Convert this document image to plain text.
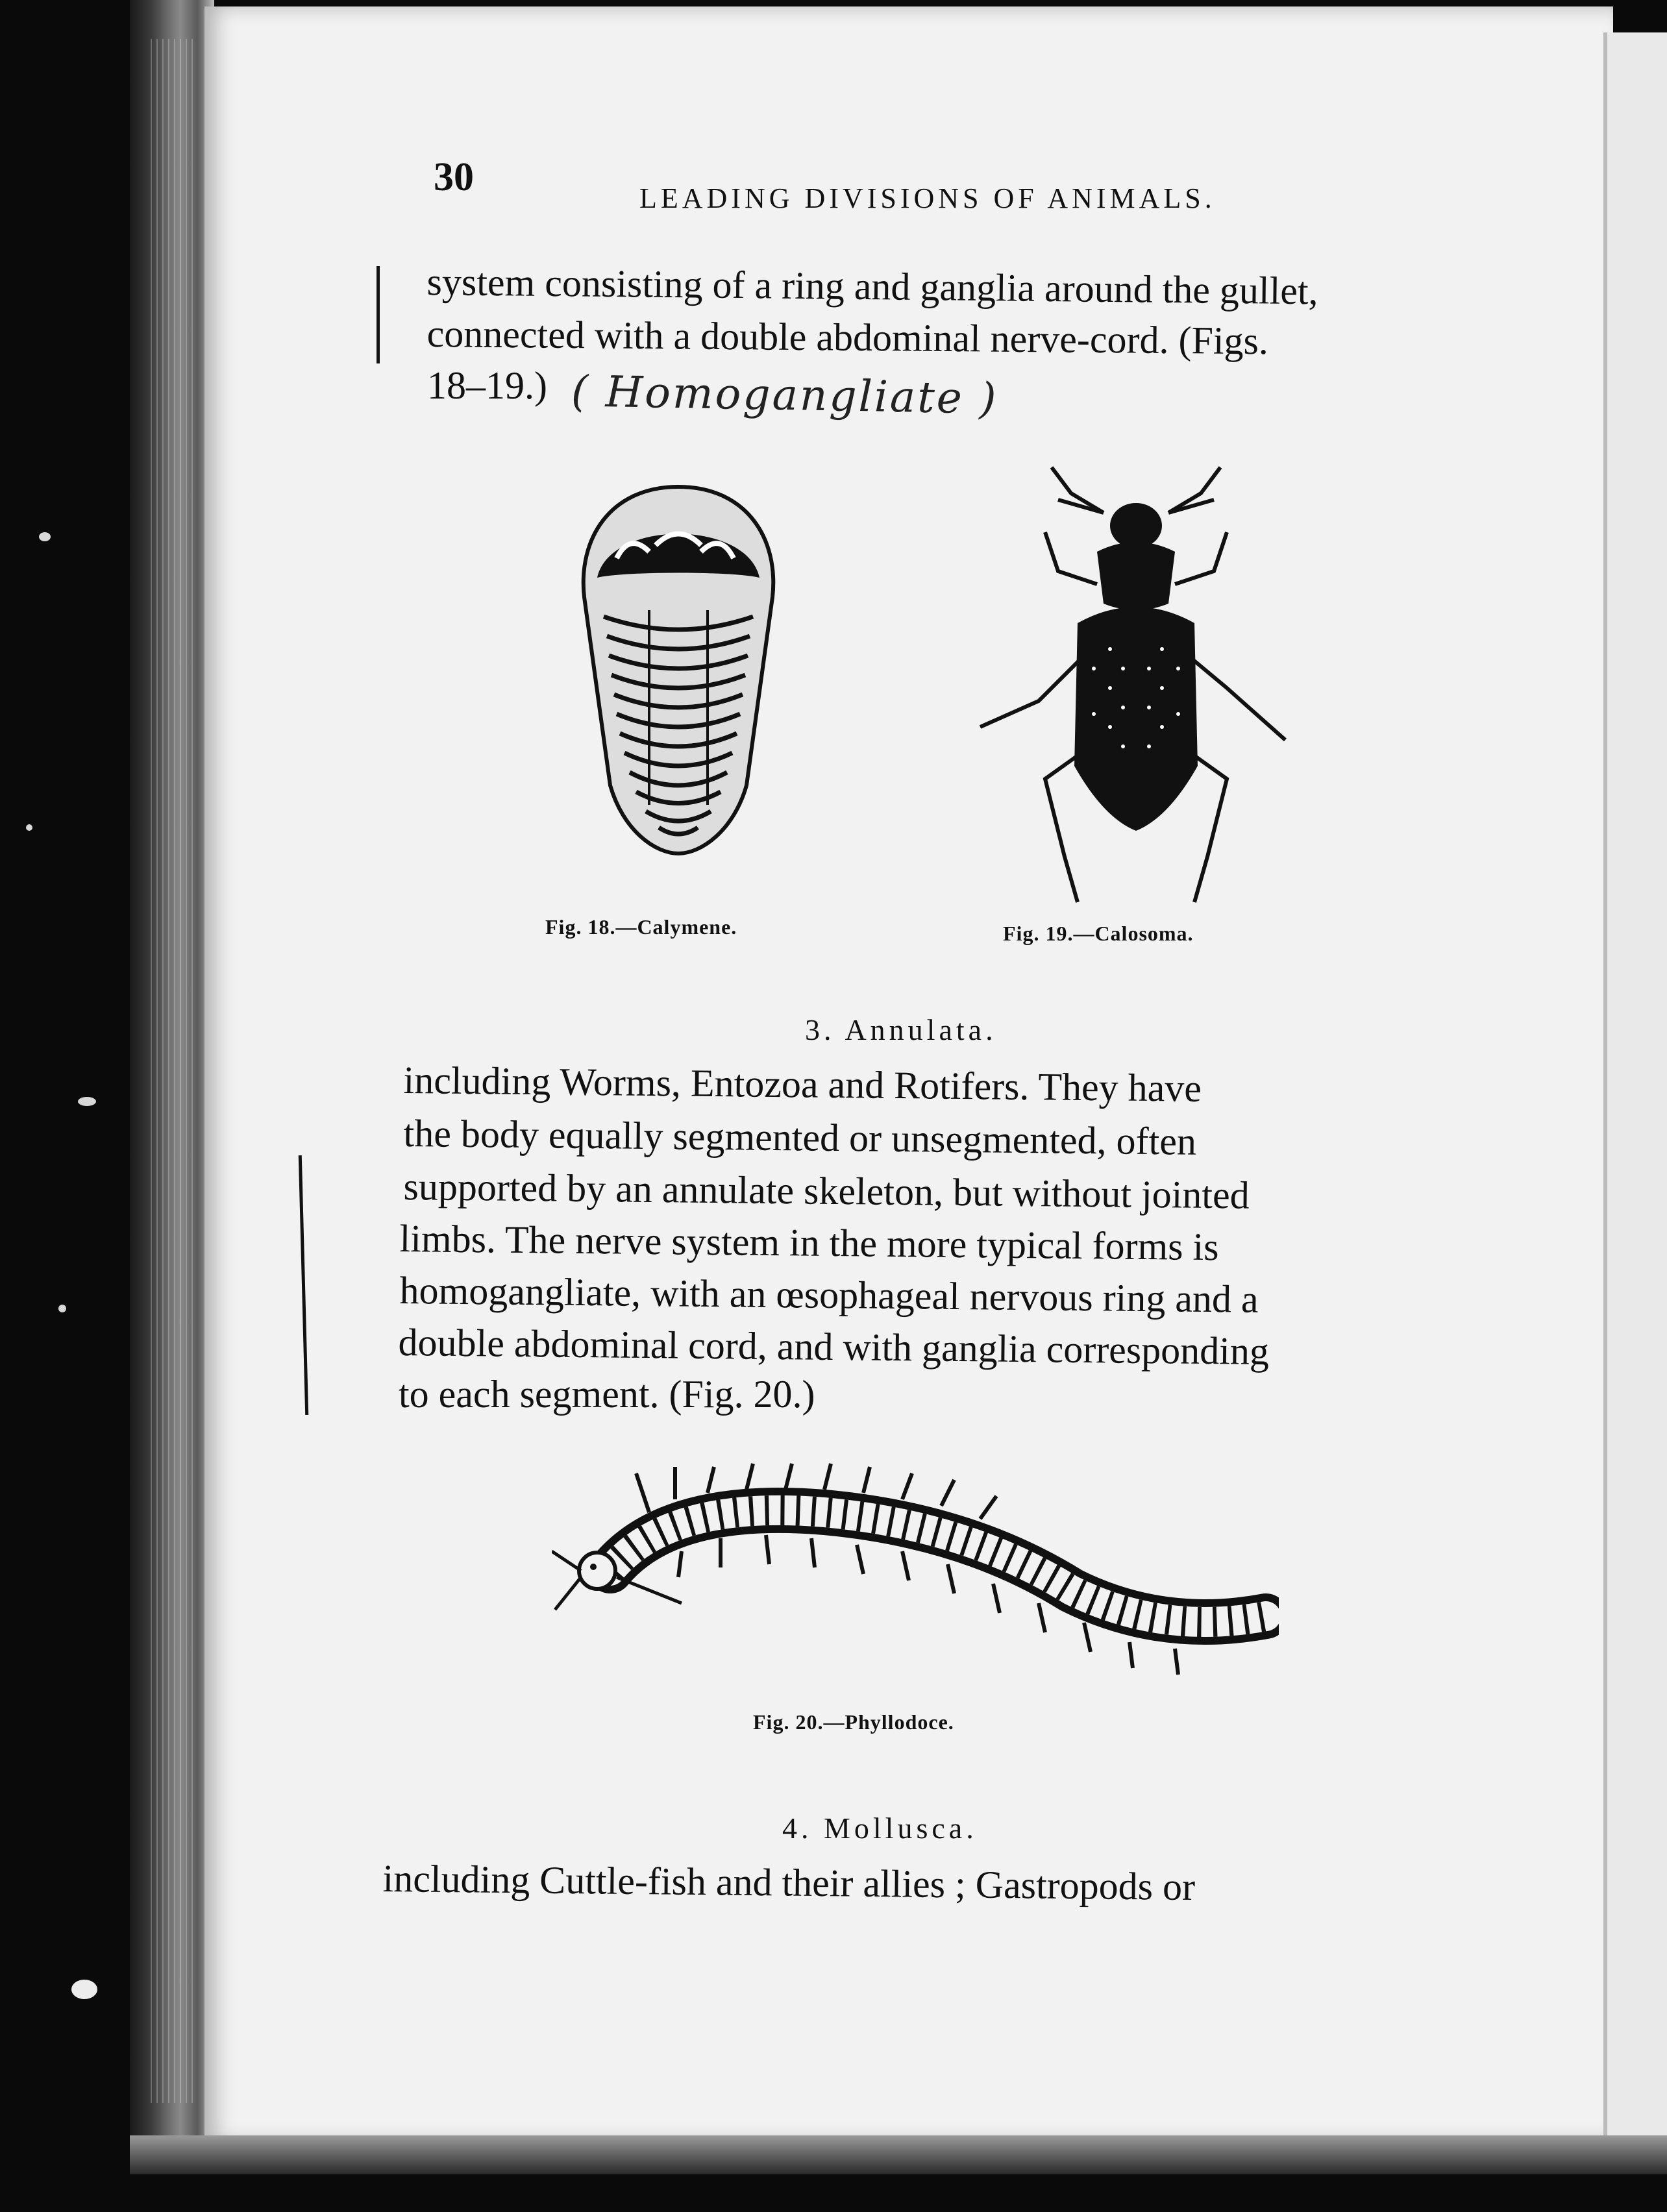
30	LEADING DIVISIONS OF ANIMALS.
system consisting of a ring and ganglia around the gullet,
connected with a double abdominal nerve-cord. (Figs.
18–19.) ( Homogangliate )
Fig. 18.—Calymene.	Fig. 19.—Calosoma.
3. Annulata.
including Worms, Entozoa and Rotifers. They have
the body equally segmented or unsegmented, often
supported by an annulate skeleton, but without jointed
limbs. The nerve system in the more typical forms is
homogangliate, with an œsophageal nervous ring and a
double abdominal cord, and with ganglia corresponding
to each segment. (Fig. 20.)
Fig. 20.—Phyllodoce.
4. Mollusca.
including Cuttle-fish and their allies ; Gastropods or
